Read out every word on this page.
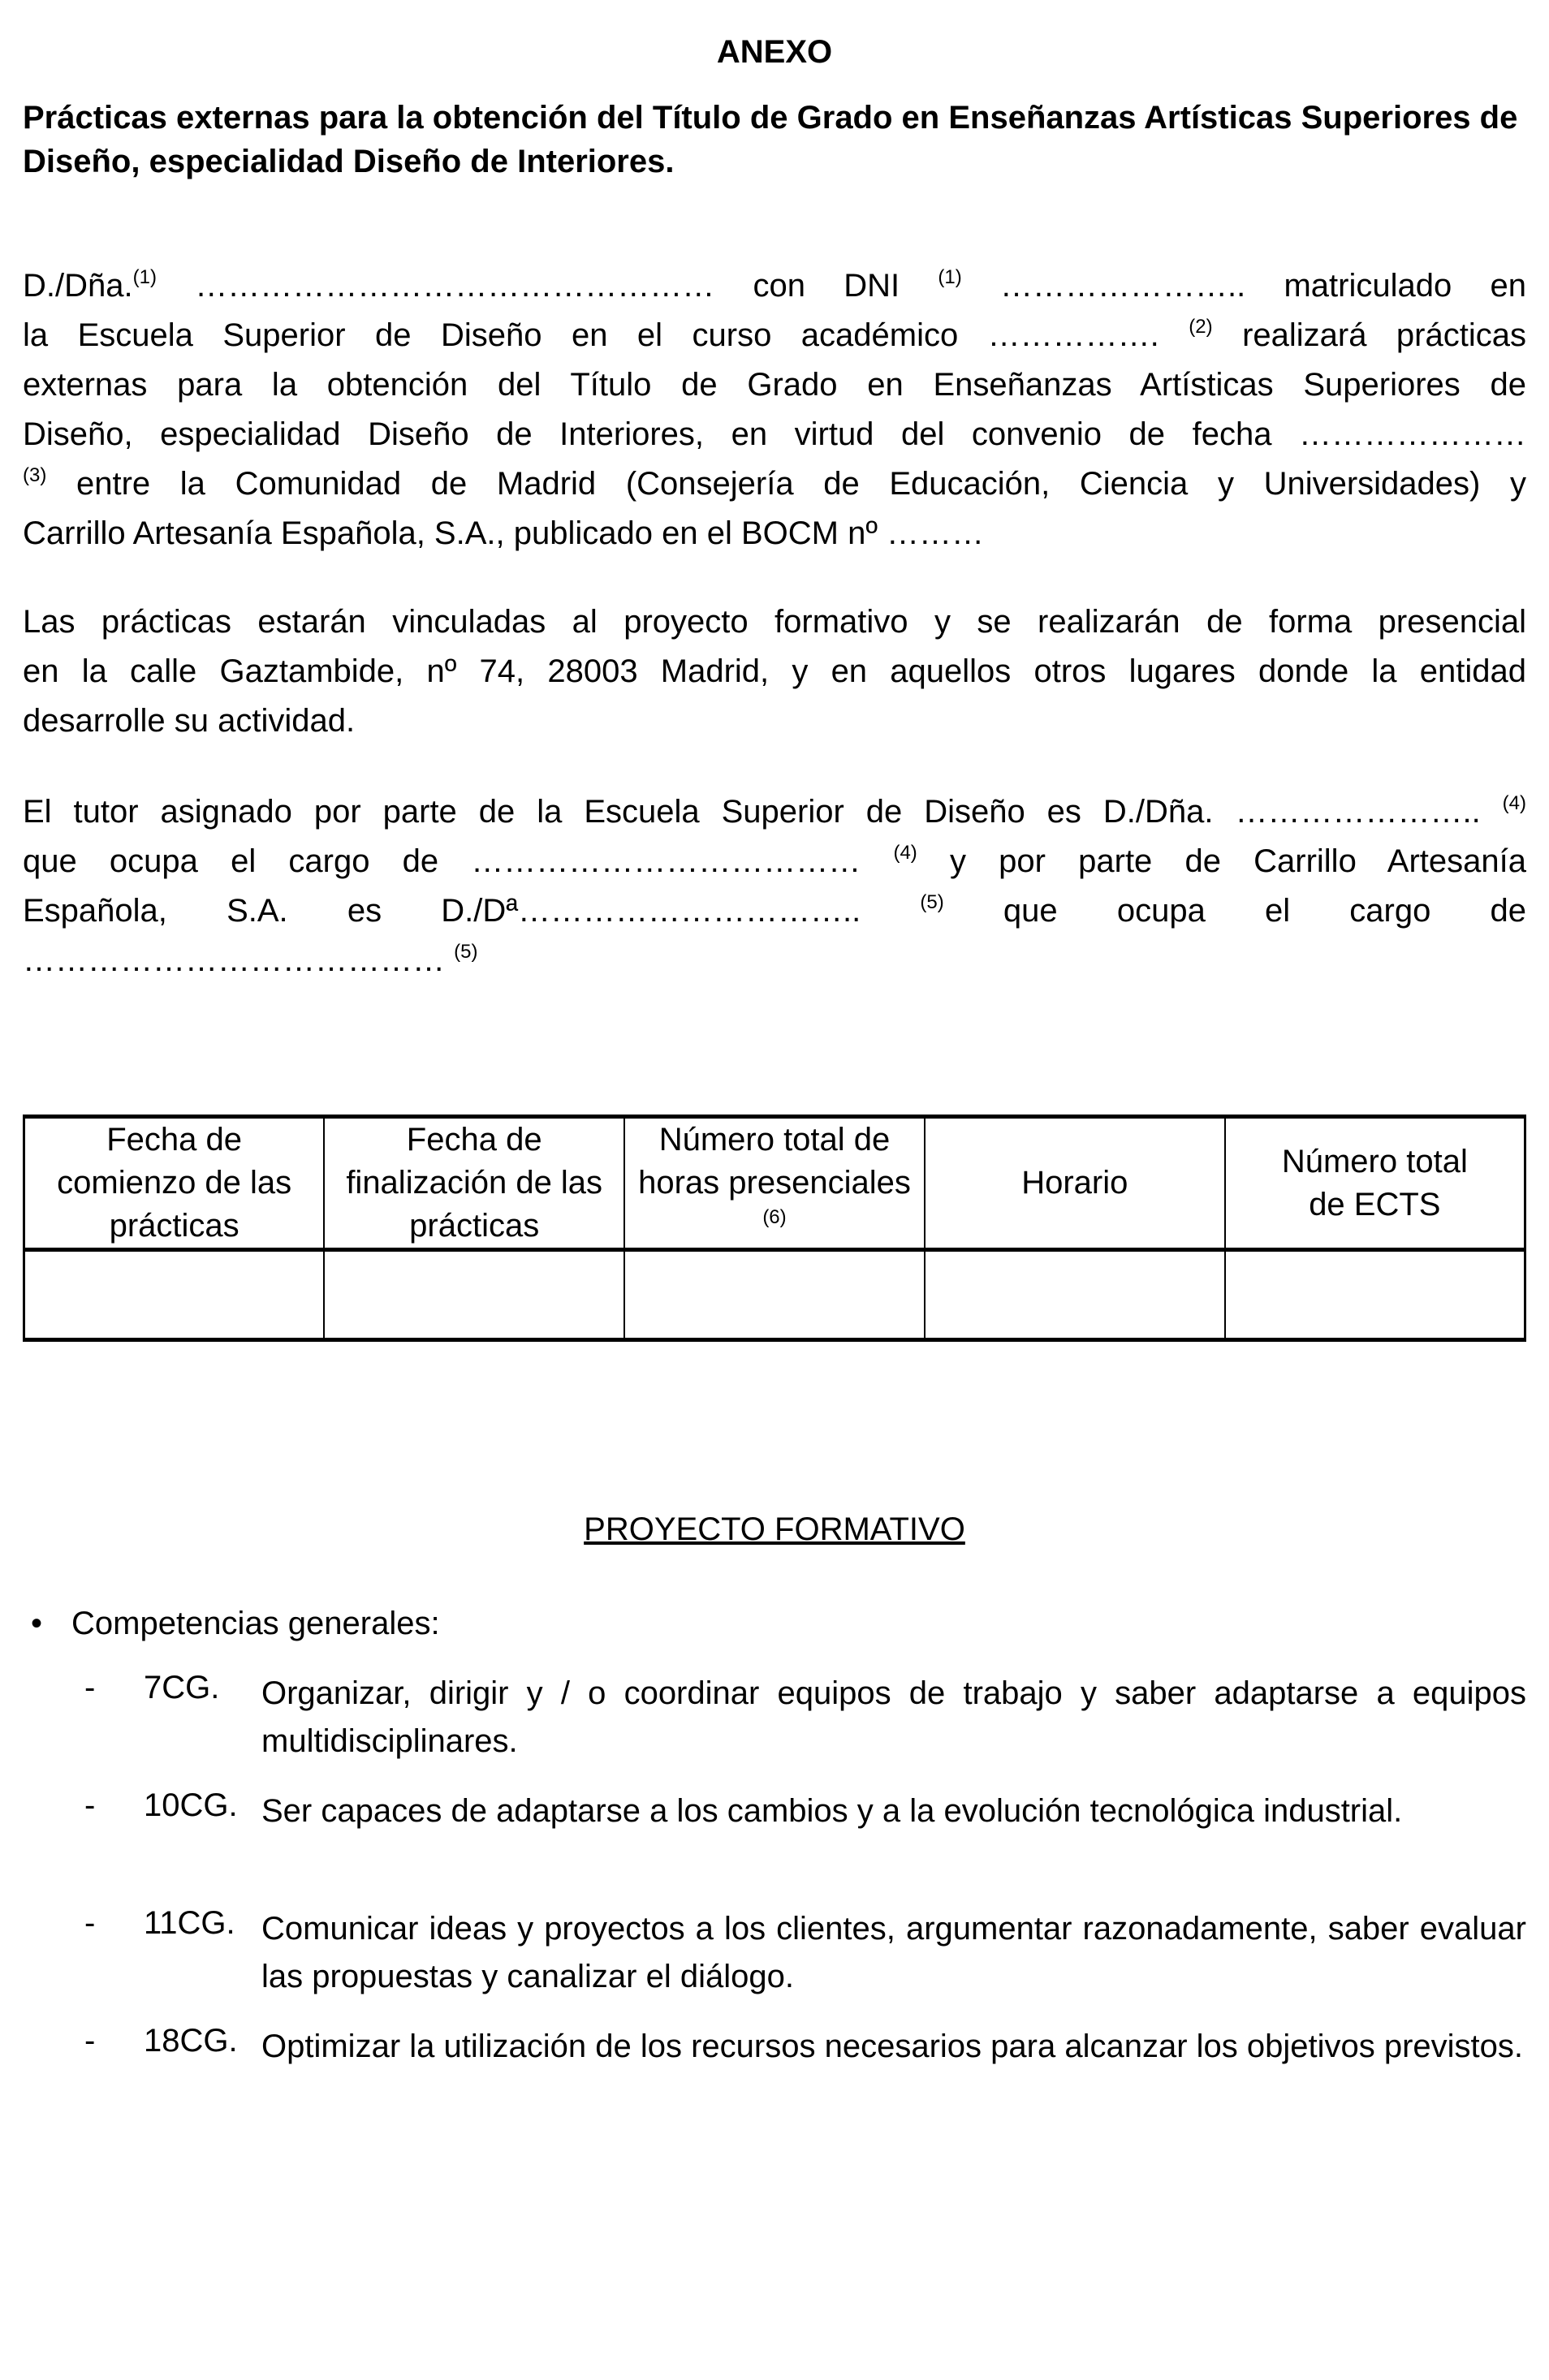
ANEXO
Prácticas externas para la obtención del Título de Grado en Enseñanzas Artísticas Superiores de Diseño, especialidad Diseño de Interiores.
D./Dña.$^{(1)}$ ………………………………………… con DNI $^{(1)}$ ………………….. matriculado en
la Escuela Superior de Diseño en el curso académico ……………. $^{(2)}$ realizará prácticas
externas para la obtención del Título de Grado en Enseñanzas Artísticas Superiores de
Diseño, especialidad Diseño de Interiores, en virtud del convenio de fecha …………………
$^{(3)}$ entre la Comunidad de Madrid (Consejería de Educación, Ciencia y Universidades) y
Carrillo Artesanía Española, S.A., publicado en el BOCM nº ………
Las prácticas estarán vinculadas al proyecto formativo y se realizarán de forma presencial
en la calle Gaztambide, nº 74, 28003 Madrid, y en aquellos otros lugares donde la entidad
desarrolle su actividad.
El tutor asignado por parte de la Escuela Superior de Diseño es D./Dña. ………………….. $^{(4)}$
que ocupa el cargo de ……………………………… $^{(4)}$ y por parte de Carrillo Artesanía
Española, S.A. es D./Dª………………………….. $^{(5)}$ que ocupa el cargo de
………………………………… $^{(5)}$
Fecha de comienzo de las prácticas	Fecha de finalización de las prácticas	Número total de horas presenciales $^{(6)}$	Horario	Número total de ECTS

PROYECTO FORMATIVO
• Competencias generales:
- 7CG. Organizar, dirigir y / o coordinar equipos de trabajo y saber adaptarse a equipos multidisciplinares.
- 10CG. Ser capaces de adaptarse a los cambios y a la evolución tecnológica industrial.
- 11CG. Comunicar ideas y proyectos a los clientes, argumentar razonadamente, saber evaluar las propuestas y canalizar el diálogo.
- 18CG. Optimizar la utilización de los recursos necesarios para alcanzar los objetivos previstos.
